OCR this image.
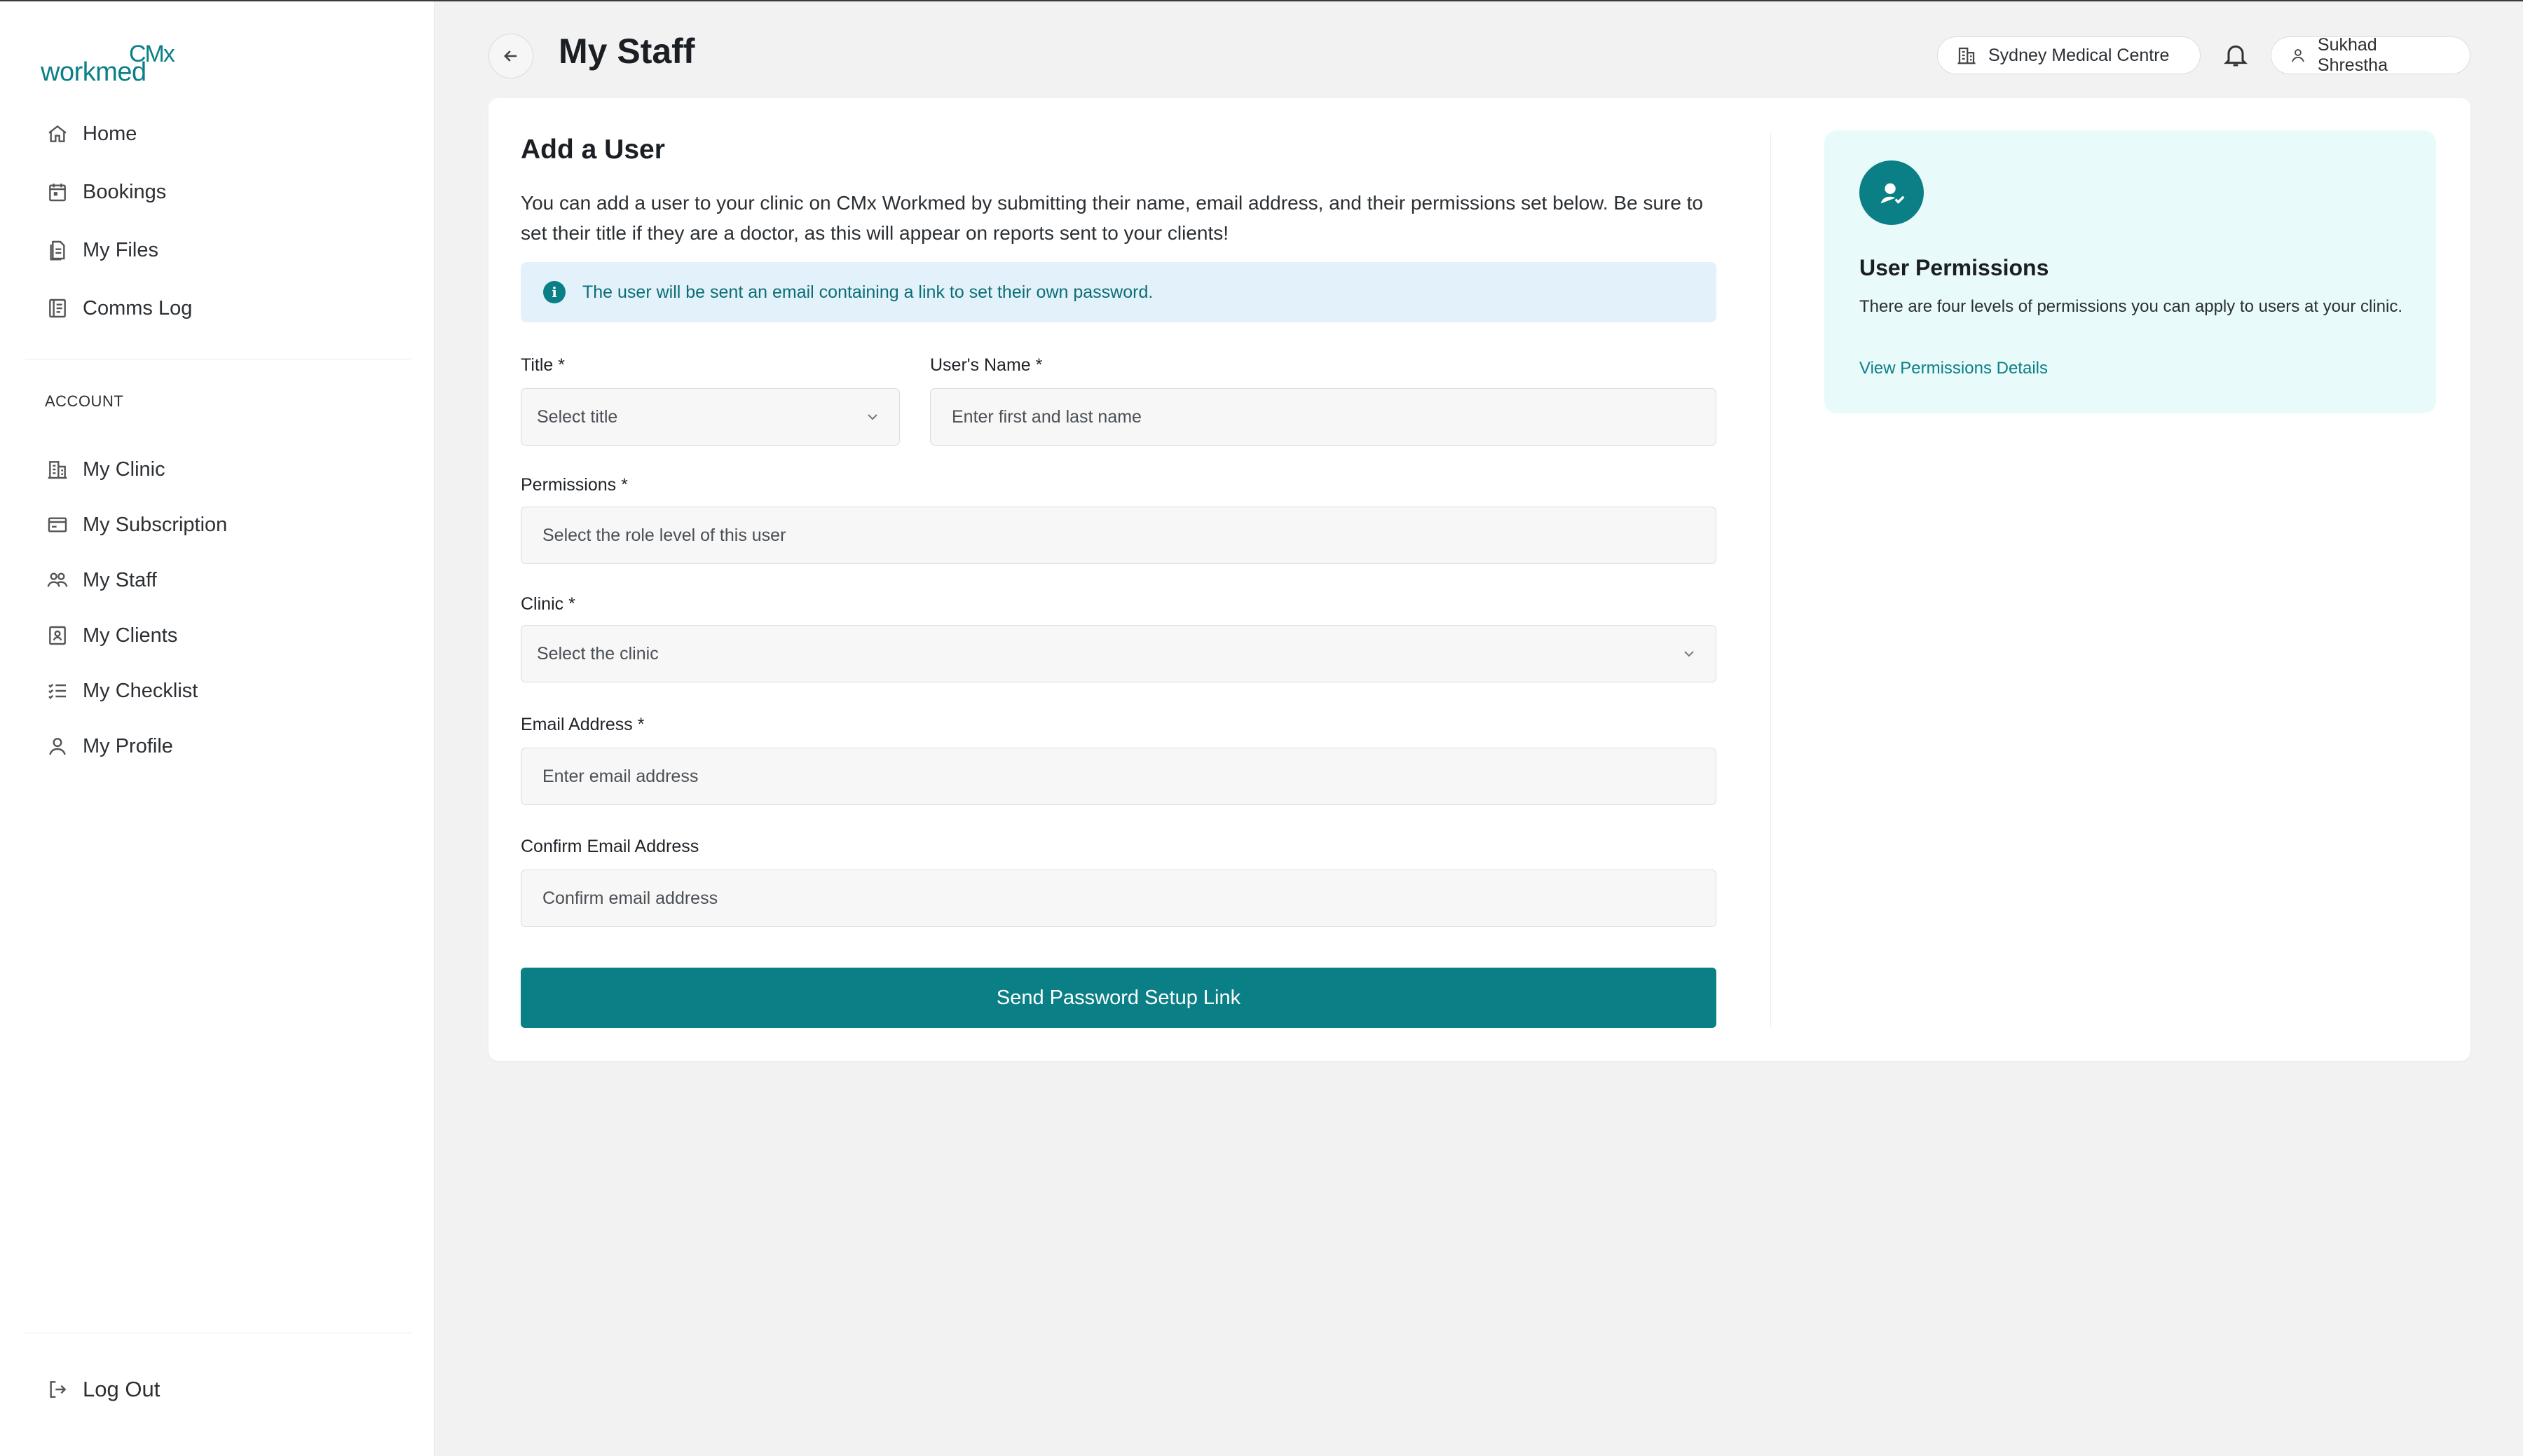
workmed
CMx
Home
Bookings
My Files
Comms Log
ACCOUNT
My Clinic
My Subscription
My Staff
My Clients
My Checklist
My Profile
Log Out
My Staff	Sydney Medical Centre
Sukhad Shrestha
Add a User
You can add a user to your clinic on CMx Workmed by submitting their name, email address, and their permissions set below. Be sure to set their title if they are a doctor, as this will appear on reports sent to your clients!
i	The user will be sent an email containing a link to set their own password.
Title *
Select title
User's Name *
Enter first and last name
Permissions *
Select the role level of this user
Clinic *
Select the clinic
Email Address *
Enter email address
Confirm Email Address
Confirm email address
Send Password Setup Link
User Permissions
There are four levels of permissions you can apply to users at your clinic.
View Permissions Details
